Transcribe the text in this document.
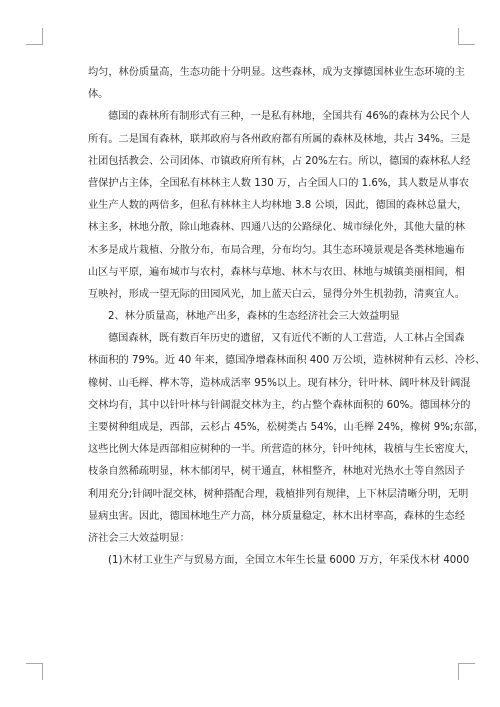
均匀，林份质量高，生态功能十分明显。这些森林，成为支撑德国林业生态环境的主
体。
德国的森林所有制形式有三种，一是私有林地，全国共有 46%的森林为公民个人
所有。二是国有森林，联邦政府与各州政府都有所属的森林及林地，共占 34%。三是
社团包括教会、公司团体、市镇政府所有林，占 20%左右。所以，德国的森林私人经
营保护占主体，全国私有林林主人数 130 万，占全国人口的 1.6%，其人数是从事农
业生产人数的两倍多，但私有林林主人均林地 3.8 公顷，因此，德国的森林总量大，
林主多，林地分散，除山地森林、四通八达的公路绿化、城市绿化外，其他大量的林
木多是成片栽植、分散分布，布局合理，分布均匀。其生态环境景观是各类林地遍布
山区与平原，遍布城市与农村，森林与草地、林木与农田、林地与城镇美丽相间，相
互映衬，形成一望无际的田园风光，加上蓝天白云，显得分外生机勃勃，清爽宜人。
2、林分质量高，林地产出多，森林的生态经济社会三大效益明显
德国森林，既有数百年历史的遗留，又有近代不断的人工营造，人工林占全国森
林面积的 79%。近 40 年来，德国净增森林面积 400 万公顷，造林树种有云杉、冷杉、
橡树、山毛榉、桦木等，造林成活率 95%以上。现有林分，针叶林、阔叶林及针阔混
交林均有，其中以针叶林与针阔混交林为主，约占整个森林面积的 60%。德国林分的
主要树种组成是，西部，云杉占 45%，松树类占 54%，山毛榉 24%，橡树 9%;东部，
这些比例大体是西部相应树种的一半。所营造的林分，针叶纯林，栽植与生长密度大，
枝条自然稀疏明显，林木郁闭早，树干通直，林相整齐，林地对光热水土等自然因子
利用充分;针阔叶混交林，树种搭配合理，栽植排列有规律，上下林层清晰分明，无明
显病虫害。因此，德国林地生产力高，林分质量稳定，林木出材率高，森林的生态经
济社会三大效益明显：
(1)木材工业生产与贸易方面，全国立木年生长量 6000 万方，年采伐木材 4000
